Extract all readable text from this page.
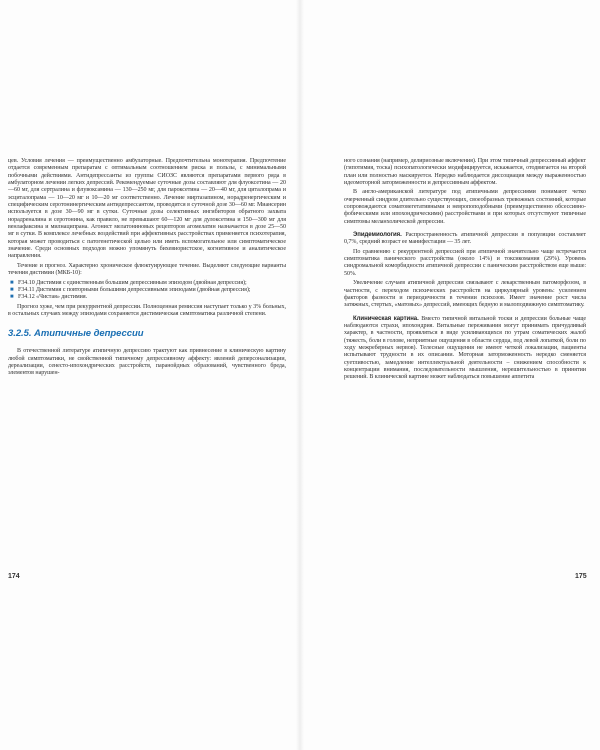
цев. Условия лечения — преимущественно амбулаторные. Предпочтительна монотерапия. Предпочтение отдается современным препаратам с оптимальным соотношением риска и пользы, с минимальными побочными действиями. Антидепрессанты из группы СИОЗС являются препаратами первого ряда в амбулаторном лечении легких депрессий. Рекомендуемые суточные дозы составляют для флуоксетина — 20—60 мг, для сертралина и флувоксамина — 130—250 мг, для пароксетина — 20—40 мг, для циталопрама и эсциталопрама — 10—20 мг и 10—20 мг соответственно. Лечение миртазапином, норадренергическим и специфическим серотонинергическим антидепрессантом, проводится в суточной дозе 30—60 мг. Миансерин используется в дозе 30—90 мг в сутки. Суточные дозы селективных ингибиторов обратного захвата норадреналина и серотонина, как правило, не превышают 60—120 мг для дулоксетина и 150—300 мг для венлафаксина и милнаципрана. Агонист мелатониновых рецепторов агомелатин назначается в дозе 25—50 мг в сутки. В комплексе лечебных воздействий при аффективных расстройствах применяется психотерапия, которая может проводиться с патогенетической целью или иметь вспомогательное или симптоматическое значение. Среди основных подходов можно упомянуть бихевиористское, когнитивное и аналитическое направления.

Течение и прогноз. Характерно хроническое флюктуирующее течение. Выделяют следующие варианты течения дистимии (МКБ-10):

■ F34.10 Дистимия с единственным большим депрессивным эпизодом (двойная депрессия);
■ F34.11 Дистимия с повторными большими депрессивными эпизодами (двойная депрессия);
■ F34.12 «Чистая» дистимия.

Прогноз хуже, чем при рекуррентной депрессии. Полноценная ремиссия наступает только у 3% больных, в остальных случаях между эпизодами сохраняется дистимическая симптоматика различной степени.

3.2.5. Атипичные депрессии

В отечественной литературе атипичную депрессию трактуют как привнесение в клиническую картину любой симптоматики, не свойственной типичному депрессивному аффекту: явлений деперсонализации, дереализации, сенесто-ипохондрических расстройств, паранойдных образований, чувственного бреда, элементов нарушен-

174

ного сознания (например, делириозные включения). При этом типичный депрессивный аффект (гипотимия, тоска) психопатологически модифицируется, искажается, отодвигается на второй план или полностью маскируется. Нередко наблюдается диссоциация между выраженностью идеомоторной заторможенности и депрессивным аффектом.

В англо-американской литературе под атипичными депрессиями понимают четко очерченный синдром длительно существующих, своеобразных тревожных состояний, которые сопровождаются соматовегетативными и невропоподобными (преимущественно обсессивно-фобическими или ипохондрическими) расстройствами и при которых отсутствуют типичные симптомы меланхолической депрессии.

Эпидемиология. Распространенность атипичной депрессии в популяции составляет 0,7%, средний возраст ее манифестации — 35 лет.

По сравнению с рекуррентной депрессией при атипичной значительно чаще встречается симптоматика панического расстройства (около 14%) и токсикомания (29%). Уровень синдромальной коморбидности атипичной депрессии с паническим расстройством еще выше: 50%.

Увеличение случаев атипичной депрессии связывают с лекарственным патоморфозом, в частности, с переходом психических расстройств на циркулярный уровень: усилением факторов фазности и периодичности в течении психозов. Имеет значение рост числа затяжных, стертых, «матовых» депрессий, имеющих бедную и малоподвижную симптоматику.

Клиническая картина. Вместо типичной витальной тоски и депрессии больные чаще наблюдаются страхи, ипохондрия. Витальные переживания могут принимать причудливый характер, в частности, проявляться в виде усиливающихся по утрам соматических жалоб (тяжесть, боли в голове, неприятные ощущения в области сердца, под левой лопаткой, боли по ходу межреберных нервов). Телесные ощущения не имеют четкой локализации, пациенты испытывают трудности в их описании. Моторная заторможенность нередко сменяется суетливостью, замедление интеллектуальной деятельности – снижением способности к концентрации внимания, последовательности мышления, нерешительностью в принятии решений. В клинической картине может наблюдаться повышение аппетита

175
